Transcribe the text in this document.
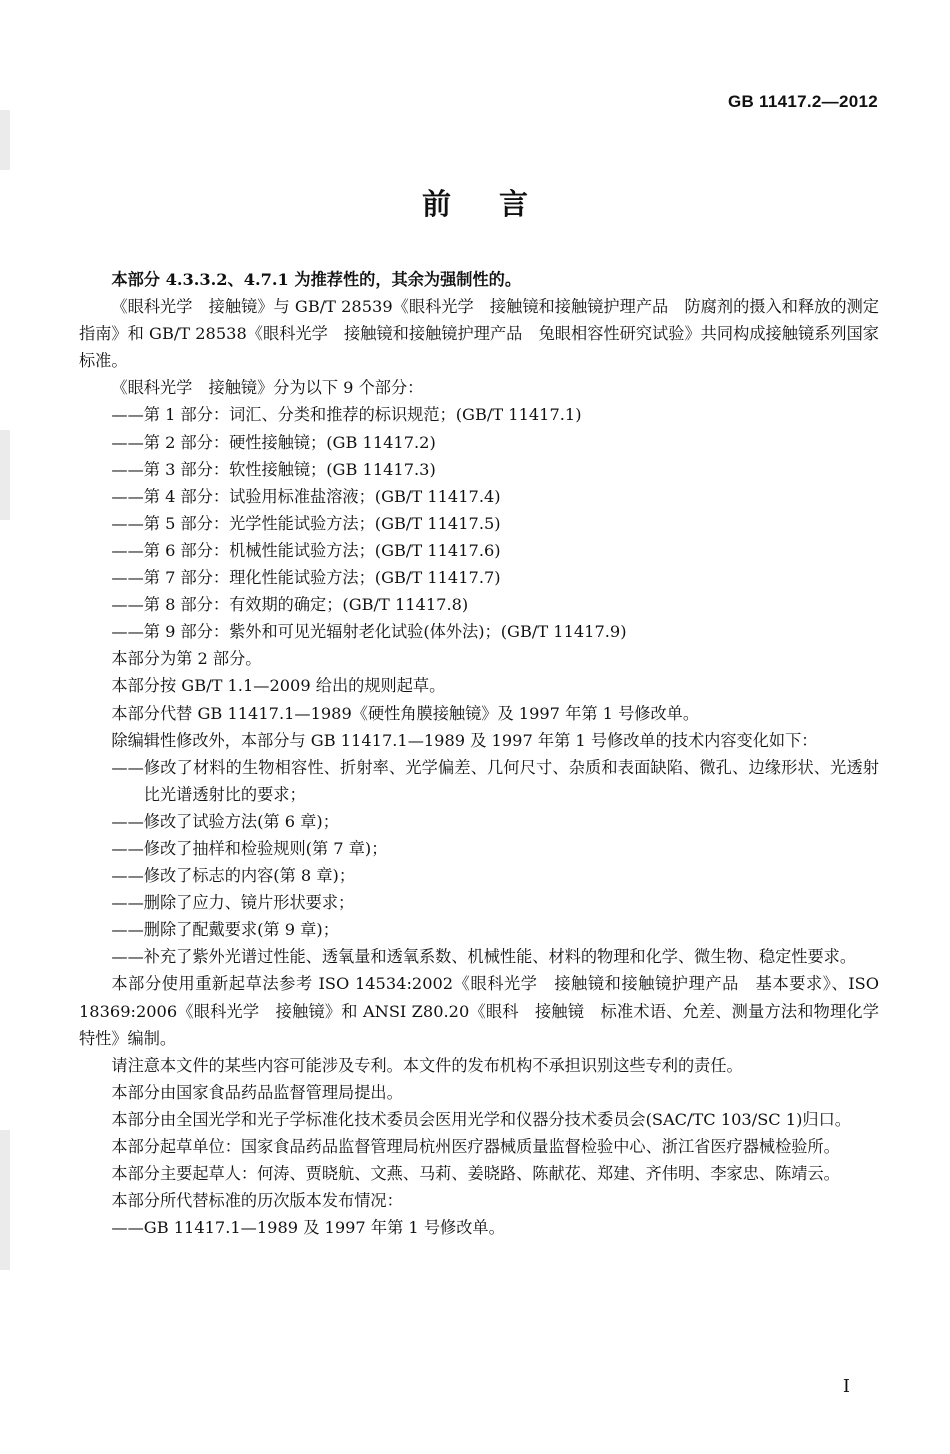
GB 11417.2—2012
前言

本部分 4.3.3.2、4.7.1 为推荐性的，其余为强制性的。

《眼科光学　接触镜》与 GB/T 28539《眼科光学　接触镜和接触镜护理产品　防腐剂的摄入和释放的测定指南》和 GB/T 28538《眼科光学　接触镜和接触镜护理产品　兔眼相容性研究试验》共同构成接触镜系列国家标准。

《眼科光学　接触镜》分为以下 9 个部分：

——第 1 部分：词汇、分类和推荐的标识规范；(GB/T 11417.1)

——第 2 部分：硬性接触镜；(GB 11417.2)

——第 3 部分：软性接触镜；(GB 11417.3)

——第 4 部分：试验用标准盐溶液；(GB/T 11417.4)

——第 5 部分：光学性能试验方法；(GB/T 11417.5)

——第 6 部分：机械性能试验方法；(GB/T 11417.6)

——第 7 部分：理化性能试验方法；(GB/T 11417.7)

——第 8 部分：有效期的确定；(GB/T 11417.8)

——第 9 部分：紫外和可见光辐射老化试验(体外法)；(GB/T 11417.9)

本部分为第 2 部分。

本部分按 GB/T 1.1—2009 给出的规则起草。

本部分代替 GB 11417.1—1989《硬性角膜接触镜》及 1997 年第 1 号修改单。

除编辑性修改外，本部分与 GB 11417.1—1989 及 1997 年第 1 号修改单的技术内容变化如下：

——修改了材料的生物相容性、折射率、光学偏差、几何尺寸、杂质和表面缺陷、微孔、边缘形状、光透射比光谱透射比的要求；

——修改了试验方法(第 6 章)；

——修改了抽样和检验规则(第 7 章)；

——修改了标志的内容(第 8 章)；

——删除了应力、镜片形状要求；

——删除了配戴要求(第 9 章)；

——补充了紫外光谱过性能、透氧量和透氧系数、机械性能、材料的物理和化学、微生物、稳定性要求。

本部分使用重新起草法参考 ISO 14534:2002《眼科光学　接触镜和接触镜护理产品　基本要求》、ISO 18369:2006《眼科光学　接触镜》和 ANSI Z80.20《眼科　接触镜　标准术语、允差、测量方法和物理化学特性》编制。

请注意本文件的某些内容可能涉及专利。本文件的发布机构不承担识别这些专利的责任。

本部分由国家食品药品监督管理局提出。

本部分由全国光学和光子学标准化技术委员会医用光学和仪器分技术委员会(SAC/TC 103/SC 1)归口。

本部分起草单位：国家食品药品监督管理局杭州医疗器械质量监督检验中心、浙江省医疗器械检验所。

本部分主要起草人：何涛、贾晓航、文燕、马莉、姜晓路、陈献花、郑建、齐伟明、李家忠、陈靖云。

本部分所代替标准的历次版本发布情况：

——GB 11417.1—1989 及 1997 年第 1 号修改单。

I
